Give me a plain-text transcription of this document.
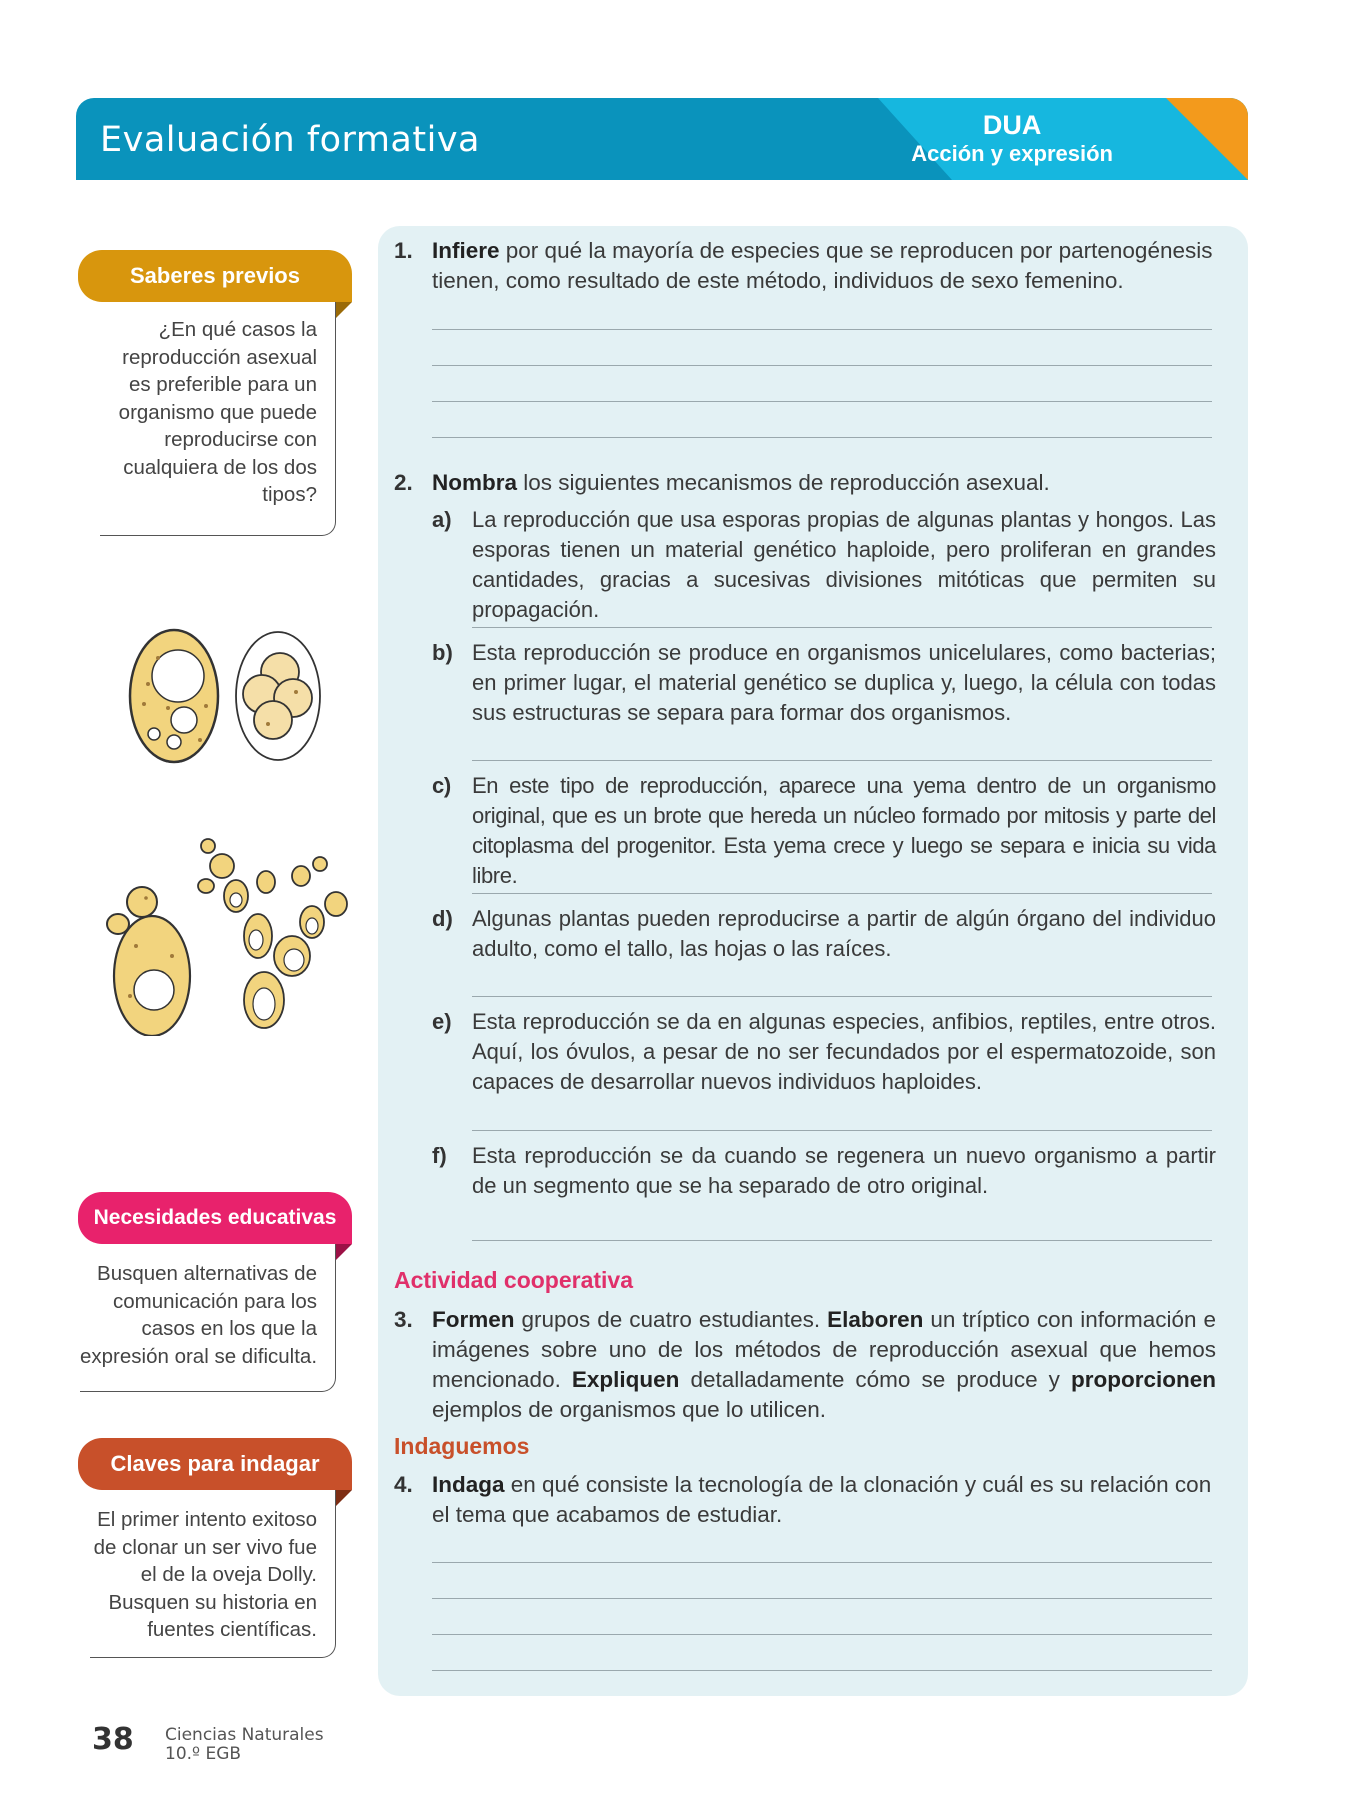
Evaluación formativa	DUA
Acción y expresión
Saberes previos
¿En qué casos la reproducción asexual es preferible para un organismo que puede reproducirse con cualquiera de los dos tipos?
Necesidades educativas
Busquen alternativas de comunicación para los casos en los que la expresión oral se dificulta.
Claves para indagar
El primer intento exitoso de clonar un ser vivo fue el de la oveja Dolly. Busquen su historia en fuentes científicas.
1. Infiere por qué la mayoría de especies que se reproducen por partenogénesis tienen, como resultado de este método, individuos de sexo femenino.
2. Nombra los siguientes mecanismos de reproducción asexual.
a) La reproducción que usa esporas propias de algunas plantas y hongos. Las esporas tienen un material genético haploide, pero proliferan en grandes cantidades, gracias a sucesivas divisiones mitóticas que permiten su propagación.
b) Esta reproducción se produce en organismos unicelulares, como bacterias; en primer lugar, el material genético se duplica y, luego, la célula con todas sus estructuras se separa para formar dos organismos.
c) En este tipo de reproducción, aparece una yema dentro de un organismo original, que es un brote que hereda un núcleo formado por mitosis y parte del citoplasma del progenitor. Esta yema crece y luego se separa e inicia su vida libre.
d) Algunas plantas pueden reproducirse a partir de algún órgano del individuo adulto, como el tallo, las hojas o las raíces.
e) Esta reproducción se da en algunas especies, anfibios, reptiles, entre otros. Aquí, los óvulos, a pesar de no ser fecundados por el espermatozoide, son capaces de desarrollar nuevos individuos haploides.
f) Esta reproducción se da cuando se regenera un nuevo organismo a partir de un segmento que se ha separado de otro original.
Actividad cooperativa
3. Formen grupos de cuatro estudiantes. Elaboren un tríptico con información e imágenes sobre uno de los métodos de reproducción asexual que hemos mencionado. Expliquen detalladamente cómo se produce y proporcionen ejemplos de organismos que lo utilicen.
Indaguemos
4. Indaga en qué consiste la tecnología de la clonación y cuál es su relación con el tema que acabamos de estudiar.
38 Ciencias Naturales
10.º EGB
